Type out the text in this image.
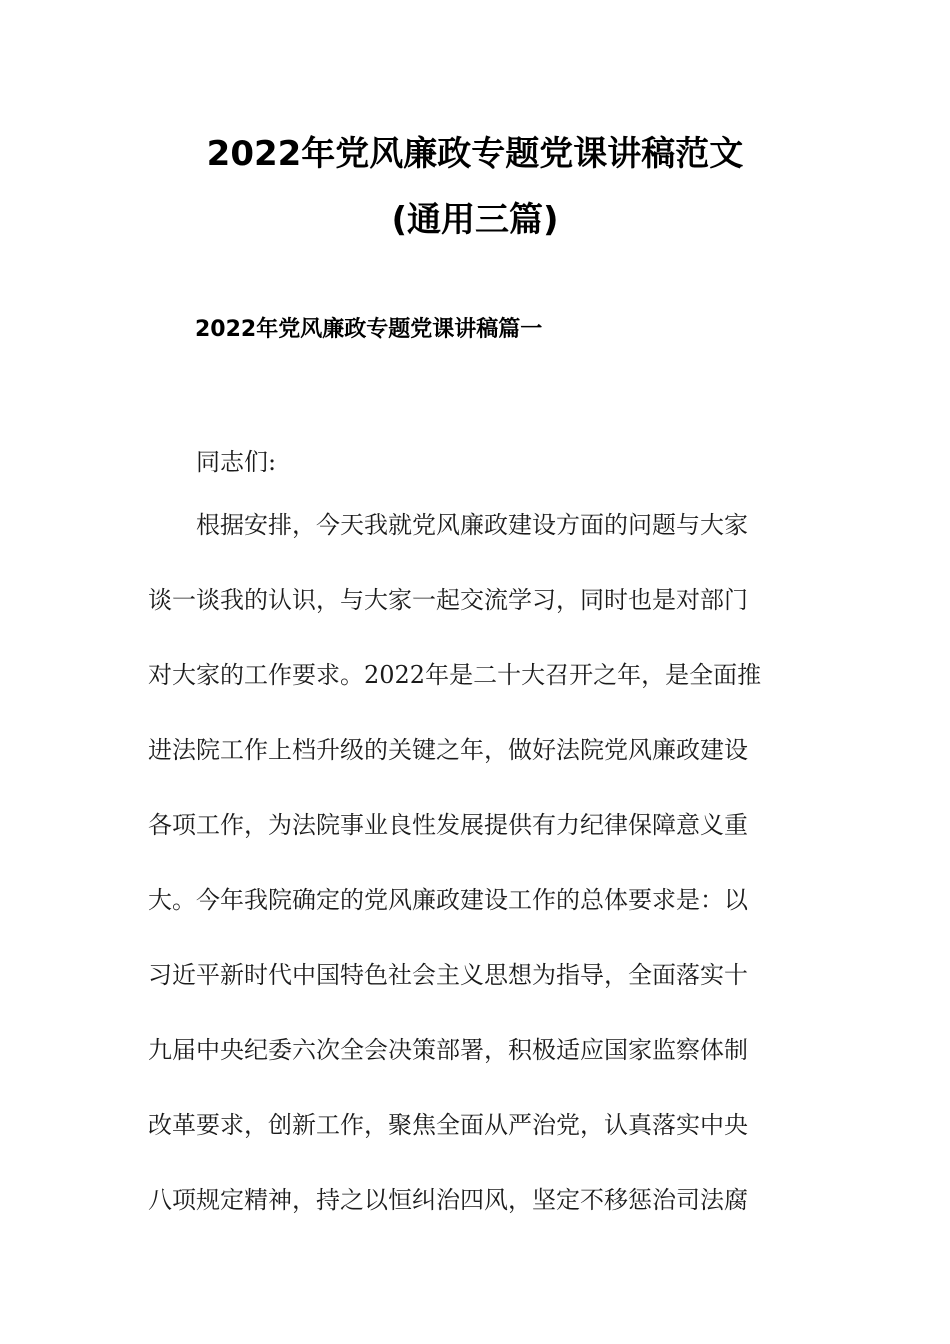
2022年党风廉政专题党课讲稿范文
(通用三篇)
2022年党风廉政专题党课讲稿篇一
同志们:
根据安排，今天我就党风廉政建设方面的问题与大家
谈一谈我的认识，与大家一起交流学习，同时也是对部门
对大家的工作要求。2022年是二十大召开之年，是全面推
进法院工作上档升级的关键之年，做好法院党风廉政建设
各项工作，为法院事业良性发展提供有力纪律保障意义重
大。今年我院确定的党风廉政建设工作的总体要求是：以
习近平新时代中国特色社会主义思想为指导，全面落实十
九届中央纪委六次全会决策部署，积极适应国家监察体制
改革要求，创新工作，聚焦全面从严治党，认真落实中央
八项规定精神，持之以恒纠治四风，坚定不移惩治司法腐
